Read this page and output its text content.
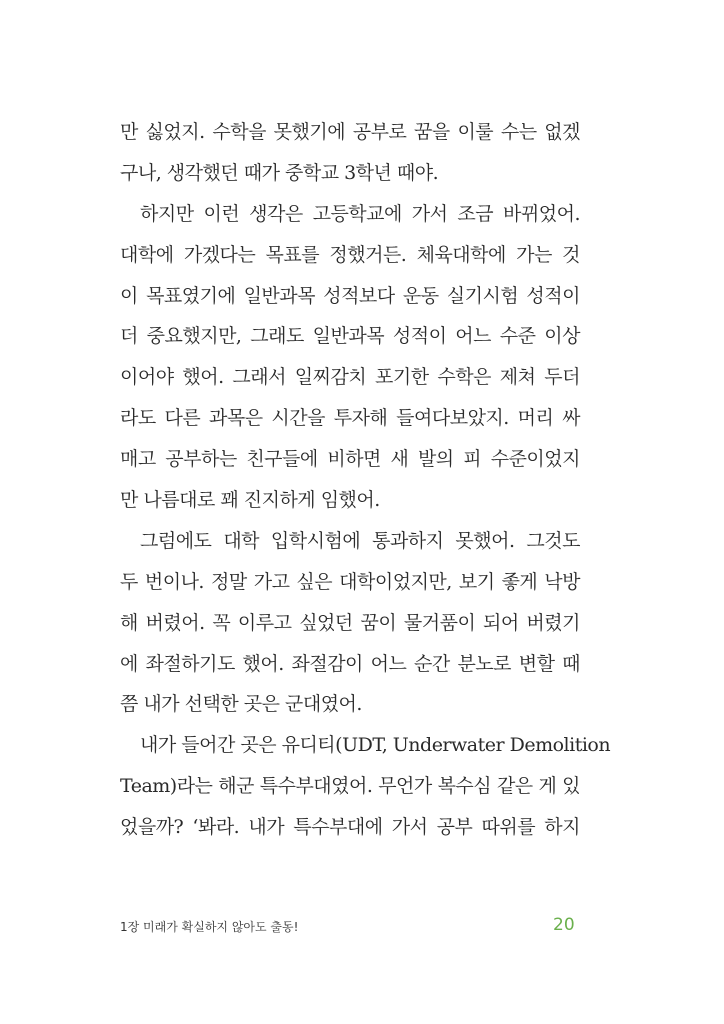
만 싫었지. 수학을 못했기에 공부로 꿈을 이룰 수는 없겠
구나, 생각했던 때가 중학교 3학년 때야.
하지만 이런 생각은 고등학교에 가서 조금 바뀌었어.
대학에 가겠다는 목표를 정했거든. 체육대학에 가는 것
이 목표였기에 일반과목 성적보다 운동 실기시험 성적이
더 중요했지만, 그래도 일반과목 성적이 어느 수준 이상
이어야 했어. 그래서 일찌감치 포기한 수학은 제쳐 두더
라도 다른 과목은 시간을 투자해 들여다보았지. 머리 싸
매고 공부하는 친구들에 비하면 새 발의 피 수준이었지
만 나름대로 꽤 진지하게 임했어.
그럼에도 대학 입학시험에 통과하지 못했어. 그것도
두 번이나. 정말 가고 싶은 대학이었지만, 보기 좋게 낙방
해 버렸어. 꼭 이루고 싶었던 꿈이 물거품이 되어 버렸기
에 좌절하기도 했어. 좌절감이 어느 순간 분노로 변할 때
쯤 내가 선택한 곳은 군대였어.
내가 들어간 곳은 유디티(UDT, Underwater Demolition
Team)라는 해군 특수부대였어. 무언가 복수심 같은 게 있
었을까? ‘봐라. 내가 특수부대에 가서 공부 따위를 하지
1장 미래가 확실하지 않아도 출동!	20
